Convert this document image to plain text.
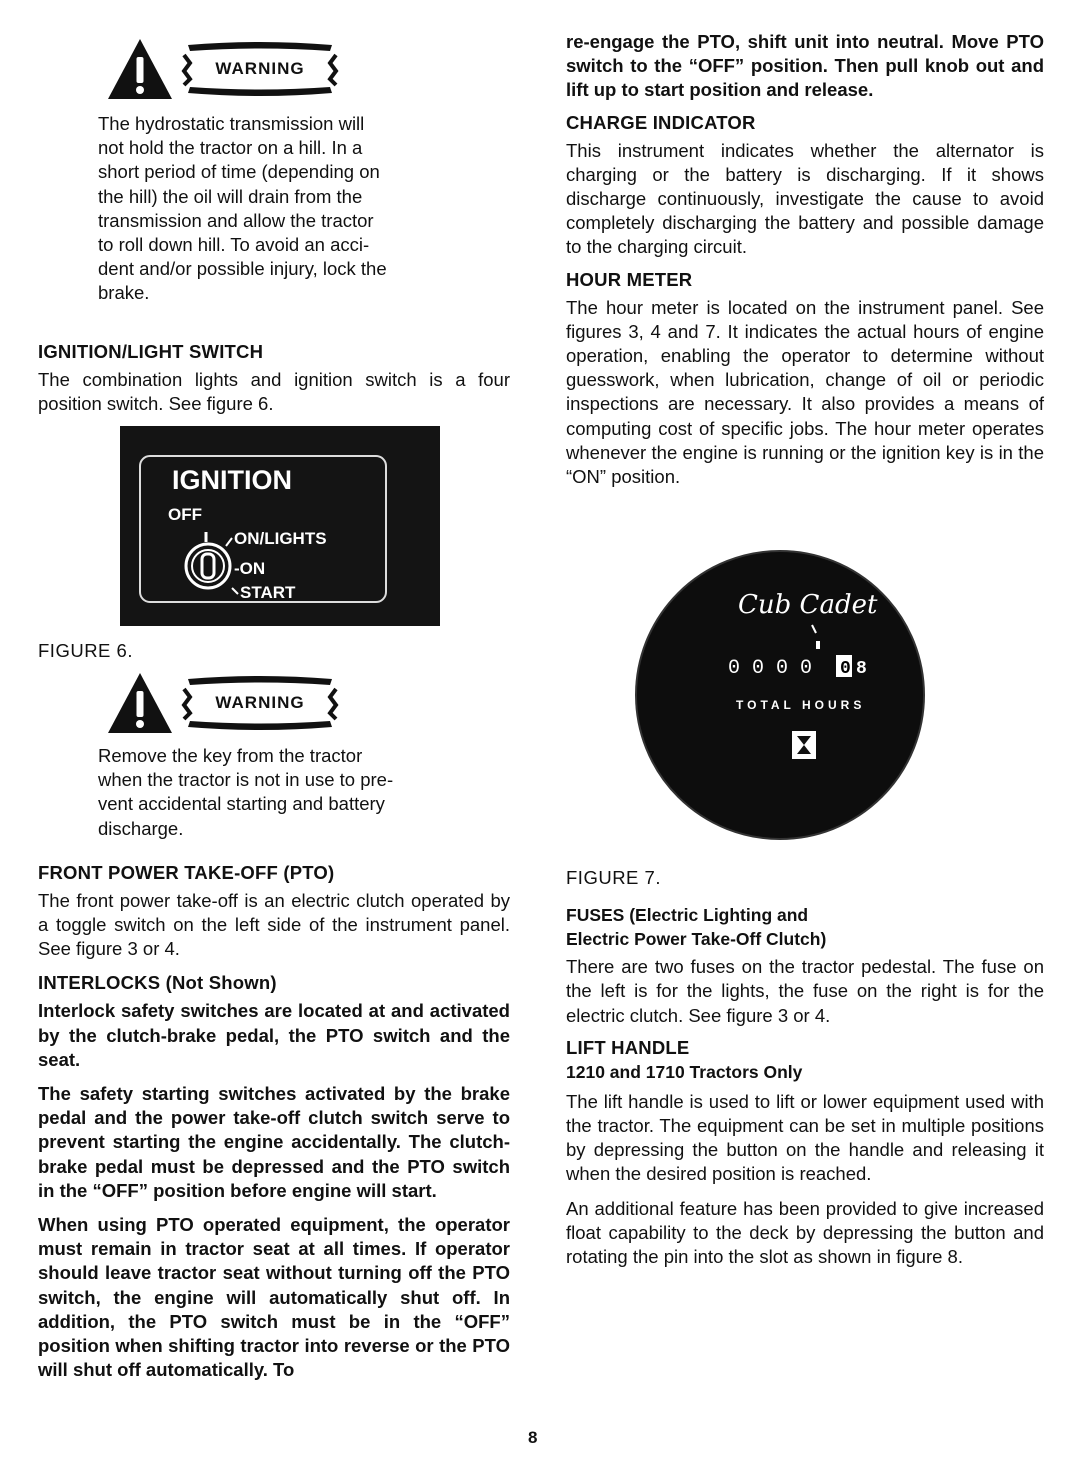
WARNING

The hydrostatic transmission will

not hold the tractor on a hill. In a

short period of time (depending on

the hill) the oil will drain from the

transmission and allow the tractor

to roll down hill. To avoid an acci-

dent and/or possible injury, lock the

brake.

IGNITION/LIGHT SWITCH

The combination lights and ignition switch is a four position switch. See figure 6.

IGNITION
OFF
ON/LIGHTS
-ON
START
FIGURE 6.
WARNING

Remove the key from the tractor

when the tractor is not in use to pre-

vent accidental starting and battery

discharge.

FRONT POWER TAKE-OFF (PTO)

The front power take-off is an electric clutch operated by a toggle switch on the left side of the instrument panel. See figure 3 or 4.

INTERLOCKS (Not Shown)

Interlock safety switches are located at and activated by the clutch-brake pedal, the PTO switch and the seat.

The safety starting switches activated by the brake pedal and the power take-off clutch switch serve to prevent starting the engine accidentally. The clutch-brake pedal must be depressed and the PTO switch in the “OFF” position before engine will start.

When using PTO operated equipment, the operator must remain in tractor seat at all times. If operator should leave tractor seat without turning off the PTO switch, the engine will automatically shut off. In addition, the PTO switch must be in the “OFF” position when shifting tractor into reverse or the PTO will shut off automatically. To

re-engage the PTO, shift unit into neutral. Move PTO switch to the “OFF” position. Then pull knob out and lift up to start position and release.

CHARGE INDICATOR

This instrument indicates whether the alternator is charging or the battery is discharging. If it shows discharge continuously, investigate the cause to avoid completely discharging the battery and possible damage to the charging circuit.

HOUR METER

The hour meter is located on the instrument panel. See figures 3, 4 and 7. It indicates the actual hours of engine operation, enabling the operator to determine without guesswork, when lubrication, change of oil or periodic inspections are necessary. It also provides a means of computing cost of specific jobs. The hour meter operates whenever the engine is running or the ignition key is in the “ON” position.

Cub Cadet
0 0 0 0 0 8
TOTAL HOURS
FIGURE 7.
FUSES (Electric Lighting and
Electric Power Take-Off Clutch)

There are two fuses on the tractor pedestal. The fuse on the left is for the lights, the fuse on the right is for the electric clutch. See figure 3 or 4.

LIFT HANDLE
1210 and 1710 Tractors Only

The lift handle is used to lift or lower equipment used with the tractor. The equipment can be set in multiple positions by depressing the button on the handle and releasing it when the desired position is reached.

An additional feature has been provided to give increased float capability to the deck by depressing the button and rotating the pin into the slot as shown in figure 8.

8
